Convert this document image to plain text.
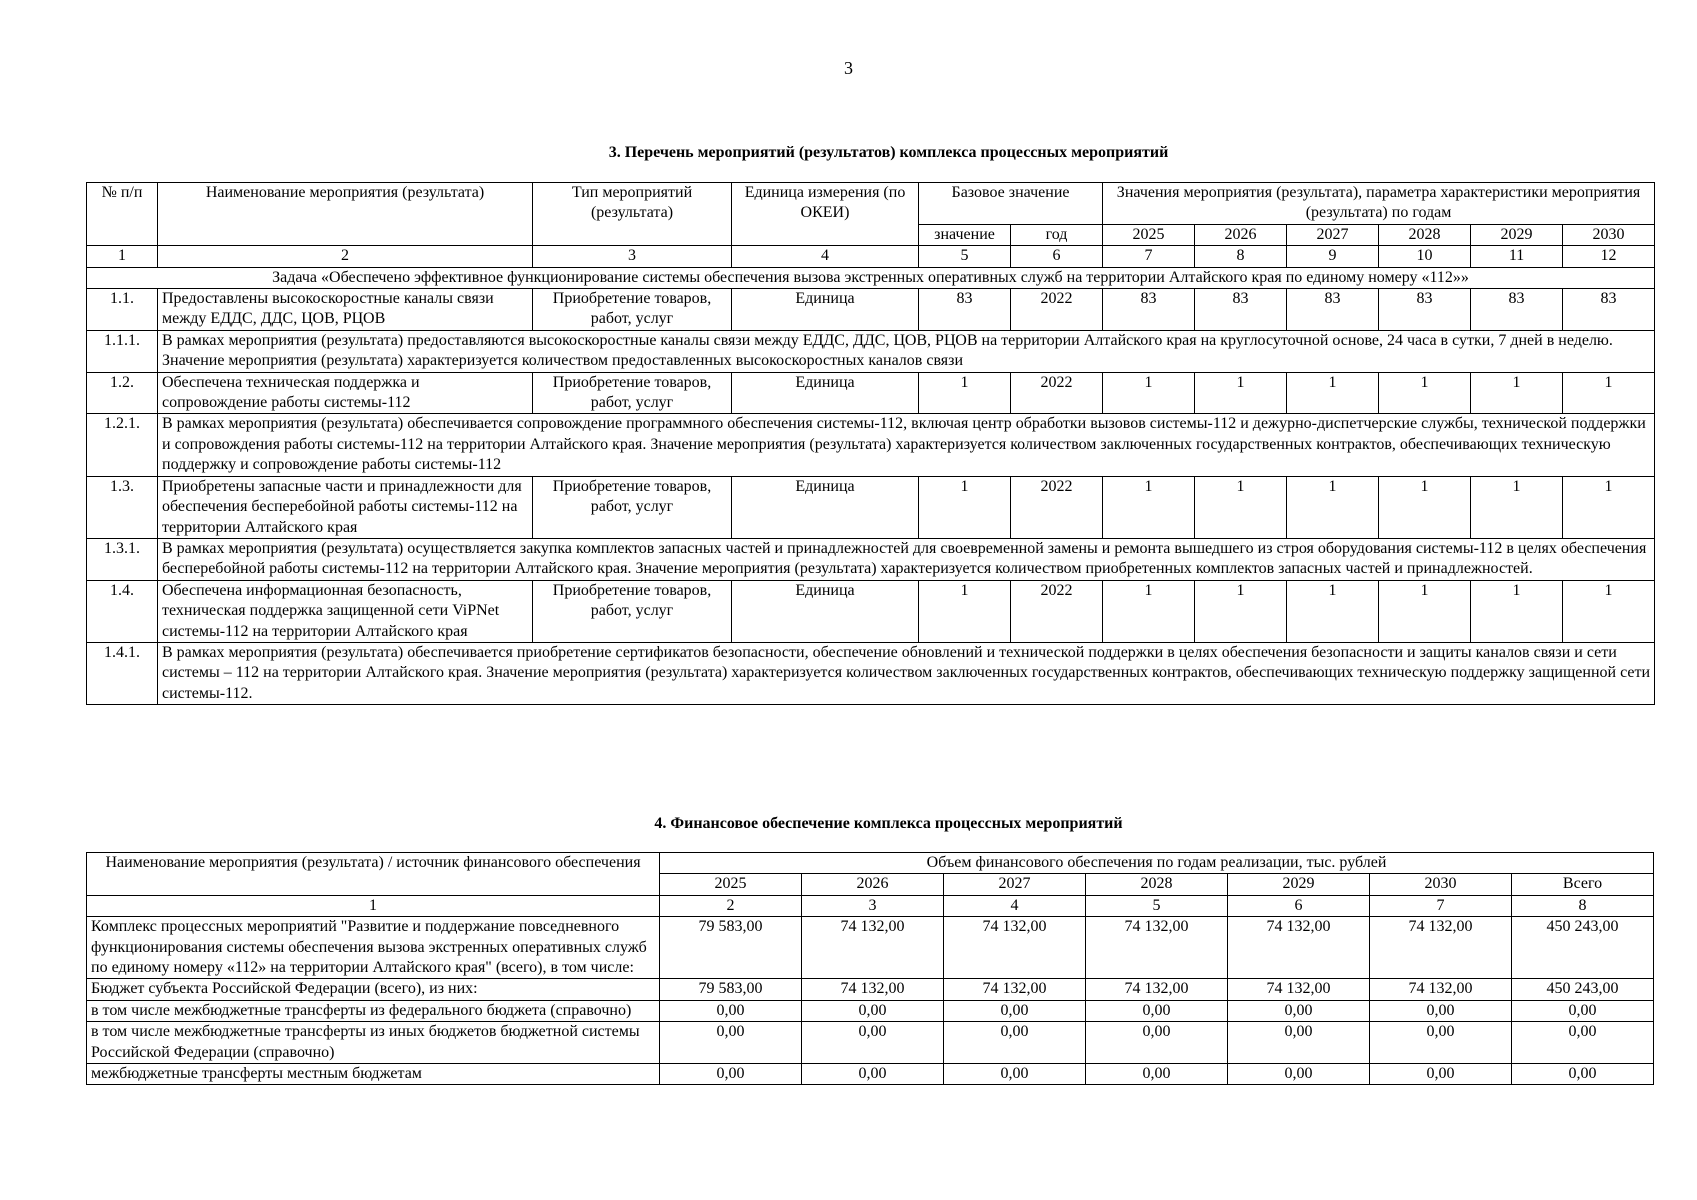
3
3. Перечень мероприятий (результатов) комплекса процессных мероприятий
№ п/п	Наименование мероприятия (результата)	Тип мероприятий (результата)	Единица измерения (по ОКЕИ)	Базовое значение		Значения мероприятия (результата), параметра характеристики мероприятия (результата) по годам					
				значение	год	2025	2026	2027	2028	2029	2030
1	2	3	4	5	6	7	8	9	10	11	12
Задача «Обеспечено эффективное функционирование системы обеспечения вызова экстренных оперативных служб на территории Алтайского края по единому номеру «112»»											
1.1.	Предоставлены высокоскоростные каналы связи между ЕДДС, ДДС, ЦОВ, РЦОВ	Приобретение товаров, работ, услуг	Единица	83	2022	83	83	83	83	83	83
1.1.1.	В рамках мероприятия (результата) предоставляются высокоскоростные каналы связи между ЕДДС, ДДС, ЦОВ, РЦОВ на территории Алтайского края на круглосуточной основе, 24 часа в сутки, 7 дней в неделю. Значение мероприятия (результата) характеризуется количеством предоставленных высокоскоростных каналов связи										
1.2.	Обеспечена техническая поддержка и сопровождение работы системы-112	Приобретение товаров, работ, услуг	Единица	1	2022	1	1	1	1	1	1
1.2.1.	В рамках мероприятия (результата) обеспечивается сопровождение программного обеспечения системы-112, включая центр обработки вызовов системы-112 и дежурно-диспетчерские службы, технической поддержки и сопровождения работы системы-112 на территории Алтайского края. Значение мероприятия (результата) характеризуется количеством заключенных государственных контрактов, обеспечивающих техническую поддержку и сопровождение работы системы-112										
1.3.	Приобретены запасные части и принадлежности для обеспечения бесперебойной работы системы-112 на территории Алтайского края	Приобретение товаров, работ, услуг	Единица	1	2022	1	1	1	1	1	1
1.3.1.	В рамках мероприятия (результата) осуществляется закупка комплектов запасных частей и принадлежностей для своевременной замены и ремонта вышедшего из строя оборудования системы-112 в целях обеспечения бесперебойной работы системы-112 на территории Алтайского края. Значение мероприятия (результата) характеризуется количеством приобретенных комплектов запасных частей и принадлежностей.										
1.4.	Обеспечена информационная безопасность, техническая поддержка защищенной сети ViPNet системы-112 на территории Алтайского края	Приобретение товаров, работ, услуг	Единица	1	2022	1	1	1	1	1	1
1.4.1.	В рамках мероприятия (результата) обеспечивается приобретение сертификатов безопасности, обеспечение обновлений и технической поддержки в целях обеспечения безопасности и защиты каналов связи и сети системы – 112 на территории Алтайского края. Значение мероприятия (результата) характеризуется количеством заключенных государственных контрактов, обеспечивающих техническую поддержку защищенной сети системы-112.										
4. Финансовое обеспечение комплекса процессных мероприятий
Наименование мероприятия (результата) / источник финансового обеспечения	Объем финансового обеспечения по годам реализации, тыс. рублей						
	2025	2026	2027	2028	2029	2030	Всего
1	2	3	4	5	6	7	8
Комплекс процессных мероприятий "Развитие и поддержание повседневного функционирования системы обеспечения вызова экстренных оперативных служб по единому номеру «112» на территории Алтайского края" (всего), в том числе:	79 583,00	74 132,00	74 132,00	74 132,00	74 132,00	74 132,00	450 243,00
Бюджет субъекта Российской Федерации (всего), из них:	79 583,00	74 132,00	74 132,00	74 132,00	74 132,00	74 132,00	450 243,00
в том числе межбюджетные трансферты из федерального бюджета (справочно)	0,00	0,00	0,00	0,00	0,00	0,00	0,00
в том числе межбюджетные трансферты из иных бюджетов бюджетной системы Российской Федерации (справочно)	0,00	0,00	0,00	0,00	0,00	0,00	0,00
межбюджетные трансферты местным бюджетам	0,00	0,00	0,00	0,00	0,00	0,00	0,00
